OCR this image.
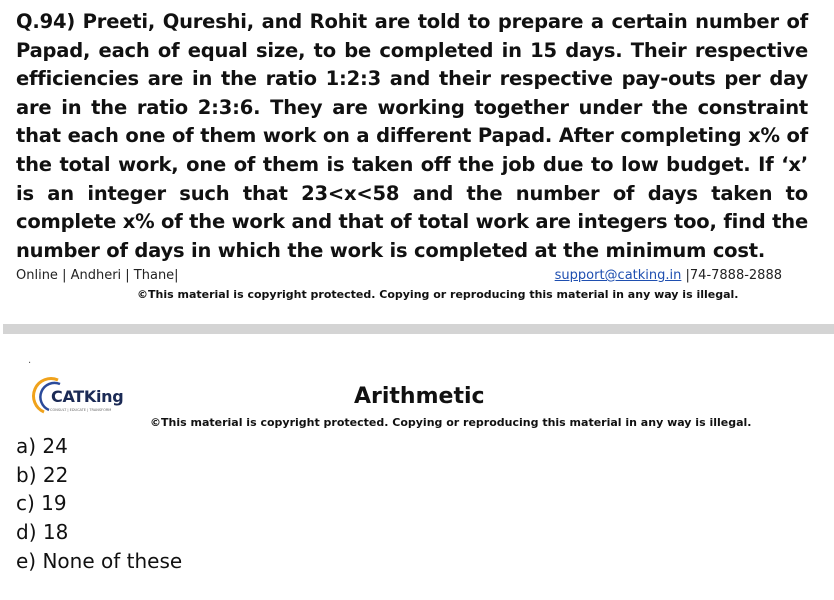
Q.94) Preeti, Qureshi, and Rohit are told to prepare a certain number of Papad, each of equal size, to be completed in 15 days. Their respective efficiencies are in the ratio 1:2:3 and their respective pay-outs per day are in the ratio 2:3:6. They are working together under the constraint that each one of them work on a different Papad. After completing x% of the total work, one of them is taken off the job due to low budget. If ‘x’ is an integer such that 23<x<58 and the number of days taken to complete x% of the work and that of total work are integers too, find the number of days in which the work is completed at the minimum cost.
Online | Andheri | Thane|	support@catking.in |74-7888-2888
©This material is copyright protected. Copying or reproducing this material in any way is illegal.
.
CATKing
CONSULT | EDUCATE | TRANSFORM
Arithmetic
©This material is copyright protected. Copying or reproducing this material in any way is illegal.
a) 24
b) 22
c) 19
d) 18
e) None of these
